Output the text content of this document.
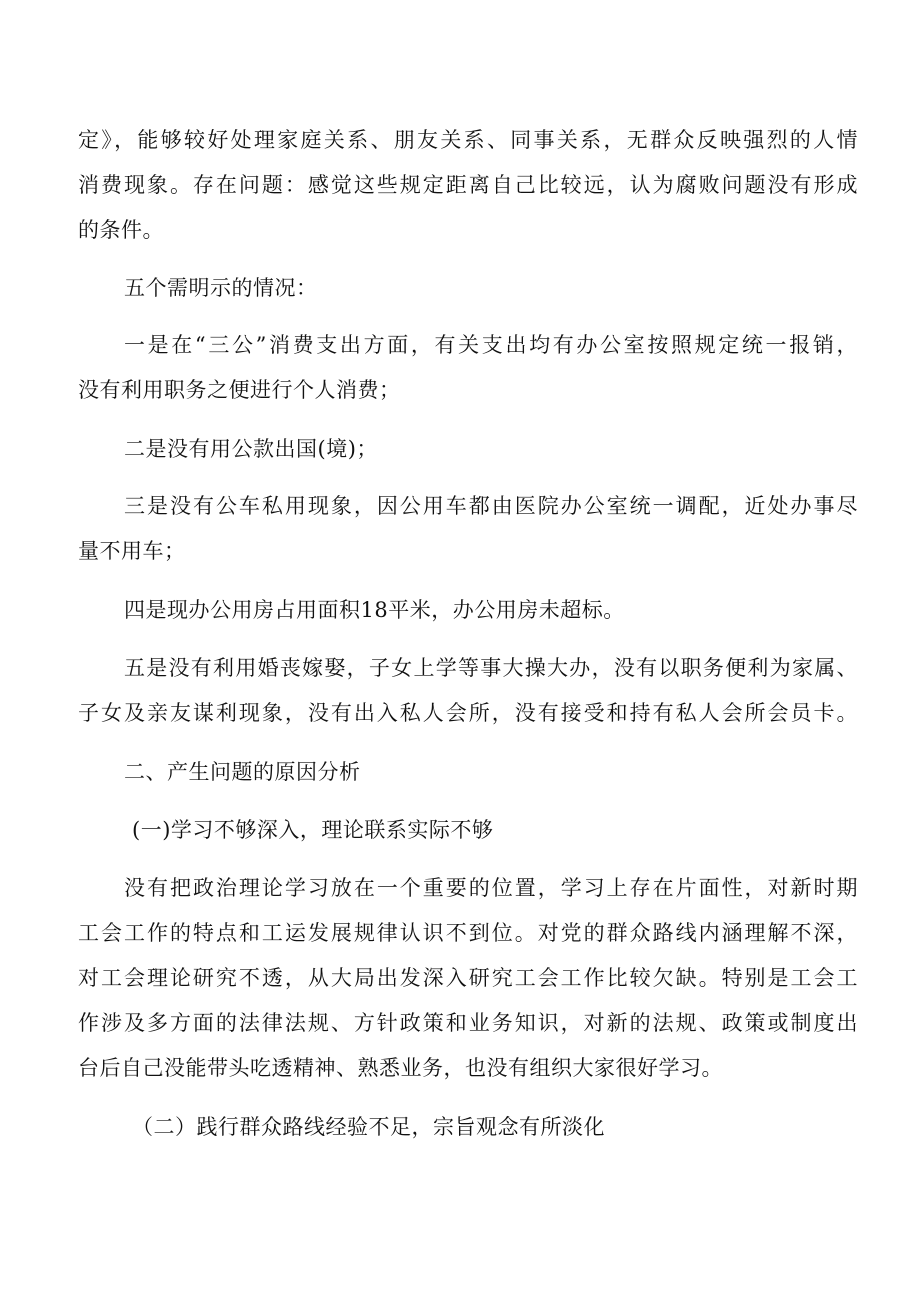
定》，能够较好处理家庭关系、朋友关系、同事关系，无群众反映强烈的人情
消费现象。存在问题：感觉这些规定距离自己比较远，认为腐败问题没有形成
的条件。
五个需明示的情况：
一是在“三公”消费支出方面，有关支出均有办公室按照规定统一报销，
没有利用职务之便进行个人消费；
二是没有用公款出国(境)；
三是没有公车私用现象，因公用车都由医院办公室统一调配，近处办事尽
量不用车；
四是现办公用房占用面积18平米，办公用房未超标。
五是没有利用婚丧嫁娶，子女上学等事大操大办，没有以职务便利为家属、
子女及亲友谋利现象，没有出入私人会所，没有接受和持有私人会所会员卡。
二、产生问题的原因分析
(一)学习不够深入，理论联系实际不够
没有把政治理论学习放在一个重要的位置，学习上存在片面性，对新时期
工会工作的特点和工运发展规律认识不到位。对党的群众路线内涵理解不深，
对工会理论研究不透，从大局出发深入研究工会工作比较欠缺。特别是工会工
作涉及多方面的法律法规、方针政策和业务知识，对新的法规、政策或制度出
台后自己没能带头吃透精神、熟悉业务，也没有组织大家很好学习。
（二）践行群众路线经验不足，宗旨观念有所淡化
